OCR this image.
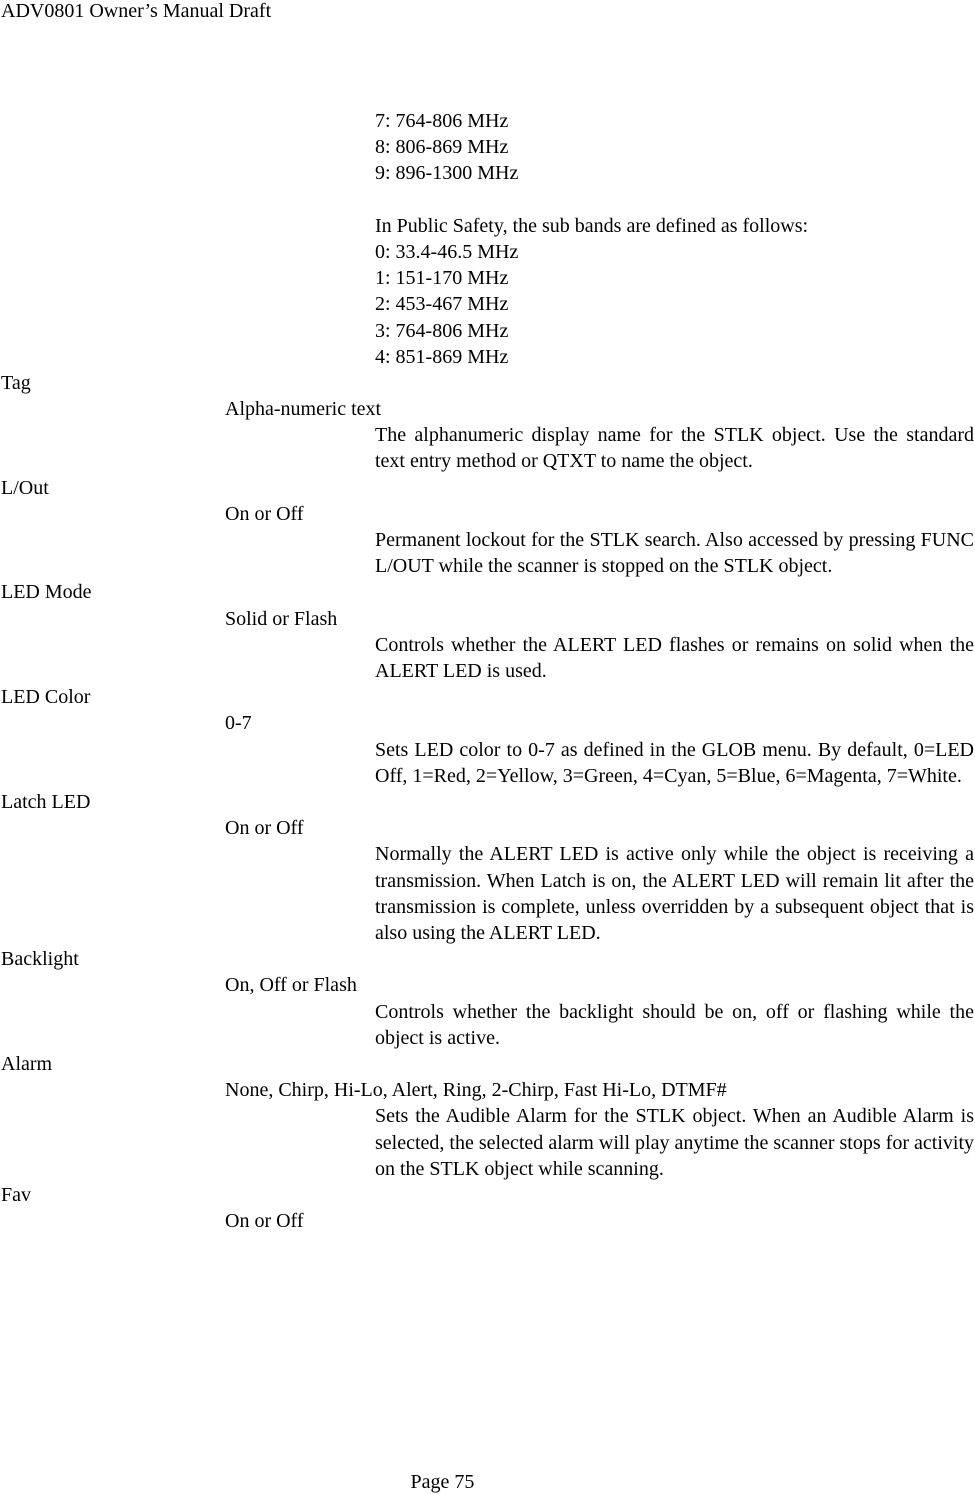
ADV0801 Owner’s Manual Draft
7: 764-806 MHz
8: 806-869 MHz
9: 896-1300 MHz
In Public Safety, the sub bands are defined as follows:
0: 33.4-46.5 MHz
1: 151-170 MHz
2: 453-467 MHz
3: 764-806 MHz
4: 851-869 MHz
Tag
Alpha-numeric text
The alphanumeric display name for the STLK object. Use the standard text entry method or QTXT to name the object.
L/Out
On or Off
Permanent lockout for the STLK search. Also accessed by pressing FUNC L/OUT while the scanner is stopped on the STLK object.
LED Mode
Solid or Flash
Controls whether the ALERT LED flashes or remains on solid when the ALERT LED is used.
LED Color
0-7
Sets LED color to 0-7 as defined in the GLOB menu. By default, 0=LED Off, 1=Red, 2=Yellow, 3=Green, 4=Cyan, 5=Blue, 6=Magenta, 7=White.
Latch LED
On or Off
Normally the ALERT LED is active only while the object is receiving a transmission. When Latch is on, the ALERT LED will remain lit after the transmission is complete, unless overridden by a subsequent object that is also using the ALERT LED.
Backlight
On, Off or Flash
Controls whether the backlight should be on, off or flashing while the object is active.
Alarm
None, Chirp, Hi-Lo, Alert, Ring, 2-Chirp, Fast Hi-Lo, DTMF#
Sets the Audible Alarm for the STLK object. When an Audible Alarm is selected, the selected alarm will play anytime the scanner stops for activity on the STLK object while scanning.
Fav
On or Off
Page 75
